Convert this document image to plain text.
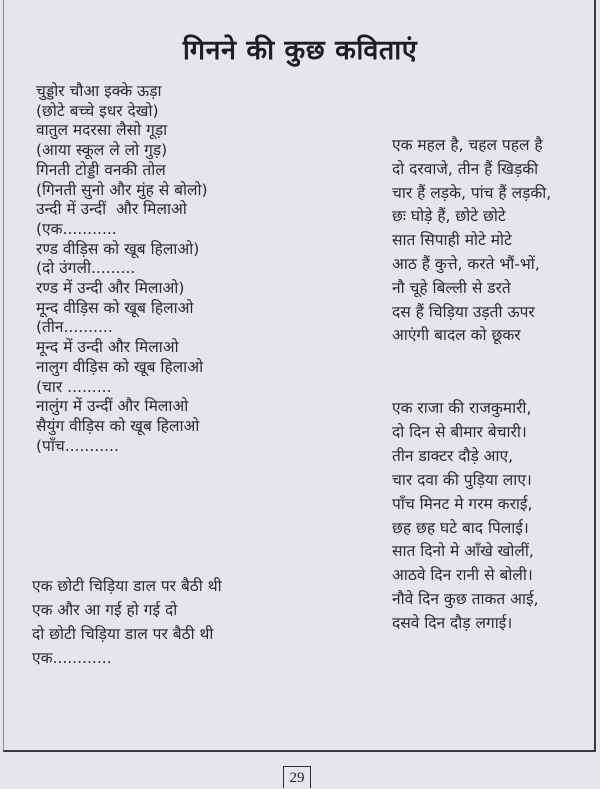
गिनने की कुछ कविताएं
चुड्डोर चौआ इक्के ऊड़ा
(छोटे बच्चे इधर देखो)
वातुल मदरसा लैसो गूड़ा
(आया स्कूल ले लो गुड़)
गिनती टोड्डी वनकी तोल
(गिनती सुनो और मुंह से बोलो)
उन्दी में उन्दीं  और मिलाओ
(एक...........
रण्ड वीड़िस को खूब हिलाओ)
(दो उंगली.........
रण्ड में उन्दी और मिलाओ)
मून्द वीड़िस को खूब हिलाओ
(तीन..........
मून्द में उन्दी और मिलाओ
नालुग वीड़िस को खूब हिलाओ
(चार .........
नालुंग में उन्दीं और मिलाओ
सैयुंग वीड़िस को खूब हिलाओ
(पाँच...........
एक महल है, चहल पहल है
दो दरवाजे, तीन हैं खिड़की
चार हैं लड़के, पांच हैं लड़की,
छः घोड़े हैं, छोटे छोटे
सात सिपाही मोटे मोटे
आठ हैं कुत्ते, करते भौं-भों,
नौ चूहे बिल्ली से डरते
दस हैं चिड़िया उड़ती ऊपर
आएंगी बादल को छूकर
एक राजा की राजकुमारी,
दो दिन से बीमार बेचारी।
तीन डाक्टर दौड़े आए,
चार दवा की पुड़िया लाए।
पाँच मिनट मे गरम कराई,
छह छह घटे बाद पिलाई।
सात दिनो मे आँखे खोलीं,
आठवे दिन रानी से बोली।
नौवे दिन कुछ ताकत आई,
दसवे दिन दौड़ लगाई।
एक छोटी चिड़िया डाल पर बैठी थी
एक और आ गई हो गई दो
दो छोटी चिड़िया डाल पर बैठी थी
एक............
29
